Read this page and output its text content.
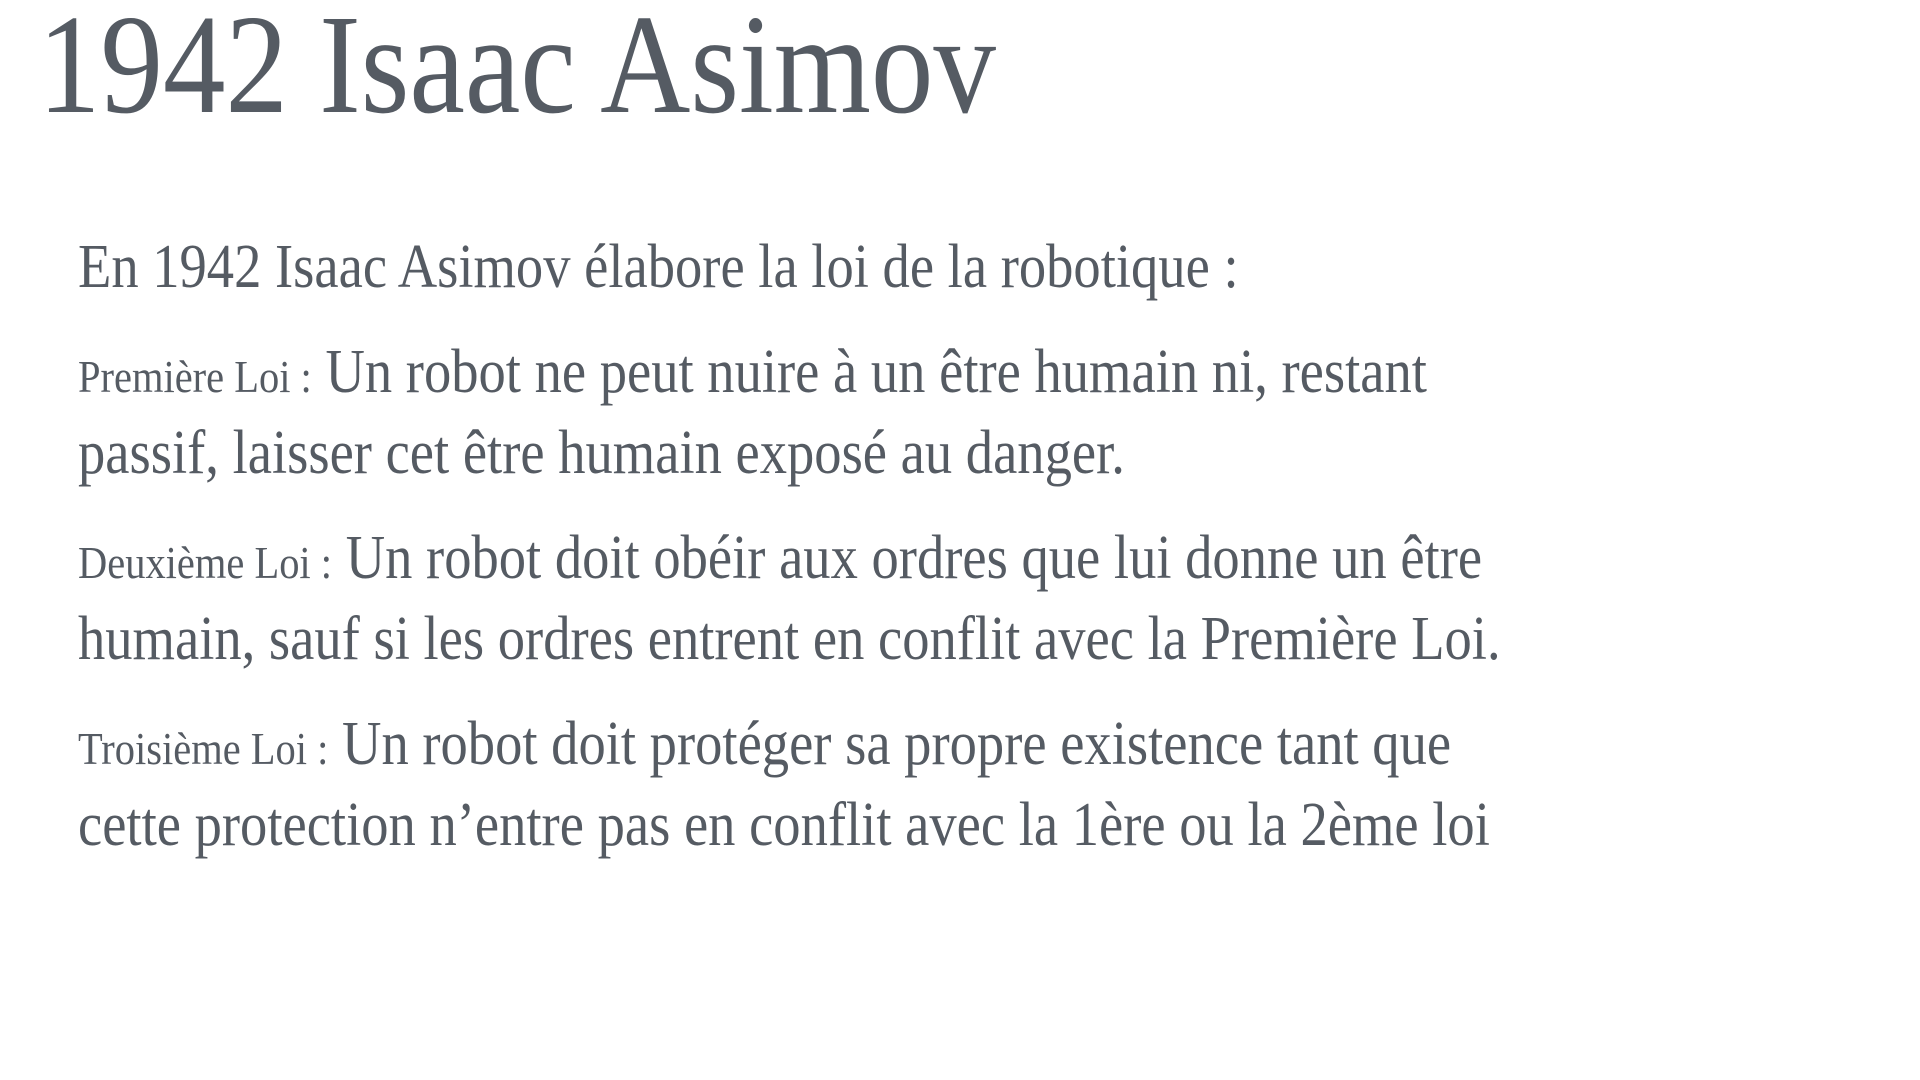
1942 Isaac Asimov

En 1942 Isaac Asimov élabore la loi de la robotique :

Première Loi : Un robot ne peut nuire à un être humain ni, restant passif, laisser cet être humain exposé au danger.

Deuxième Loi : Un robot doit obéir aux ordres que lui donne un être humain, sauf si les ordres entrent en conflit avec la Première Loi.

Troisième Loi : Un robot doit protéger sa propre existence tant que cette protection n’entre pas en conflit avec la 1ère ou la 2ème loi
